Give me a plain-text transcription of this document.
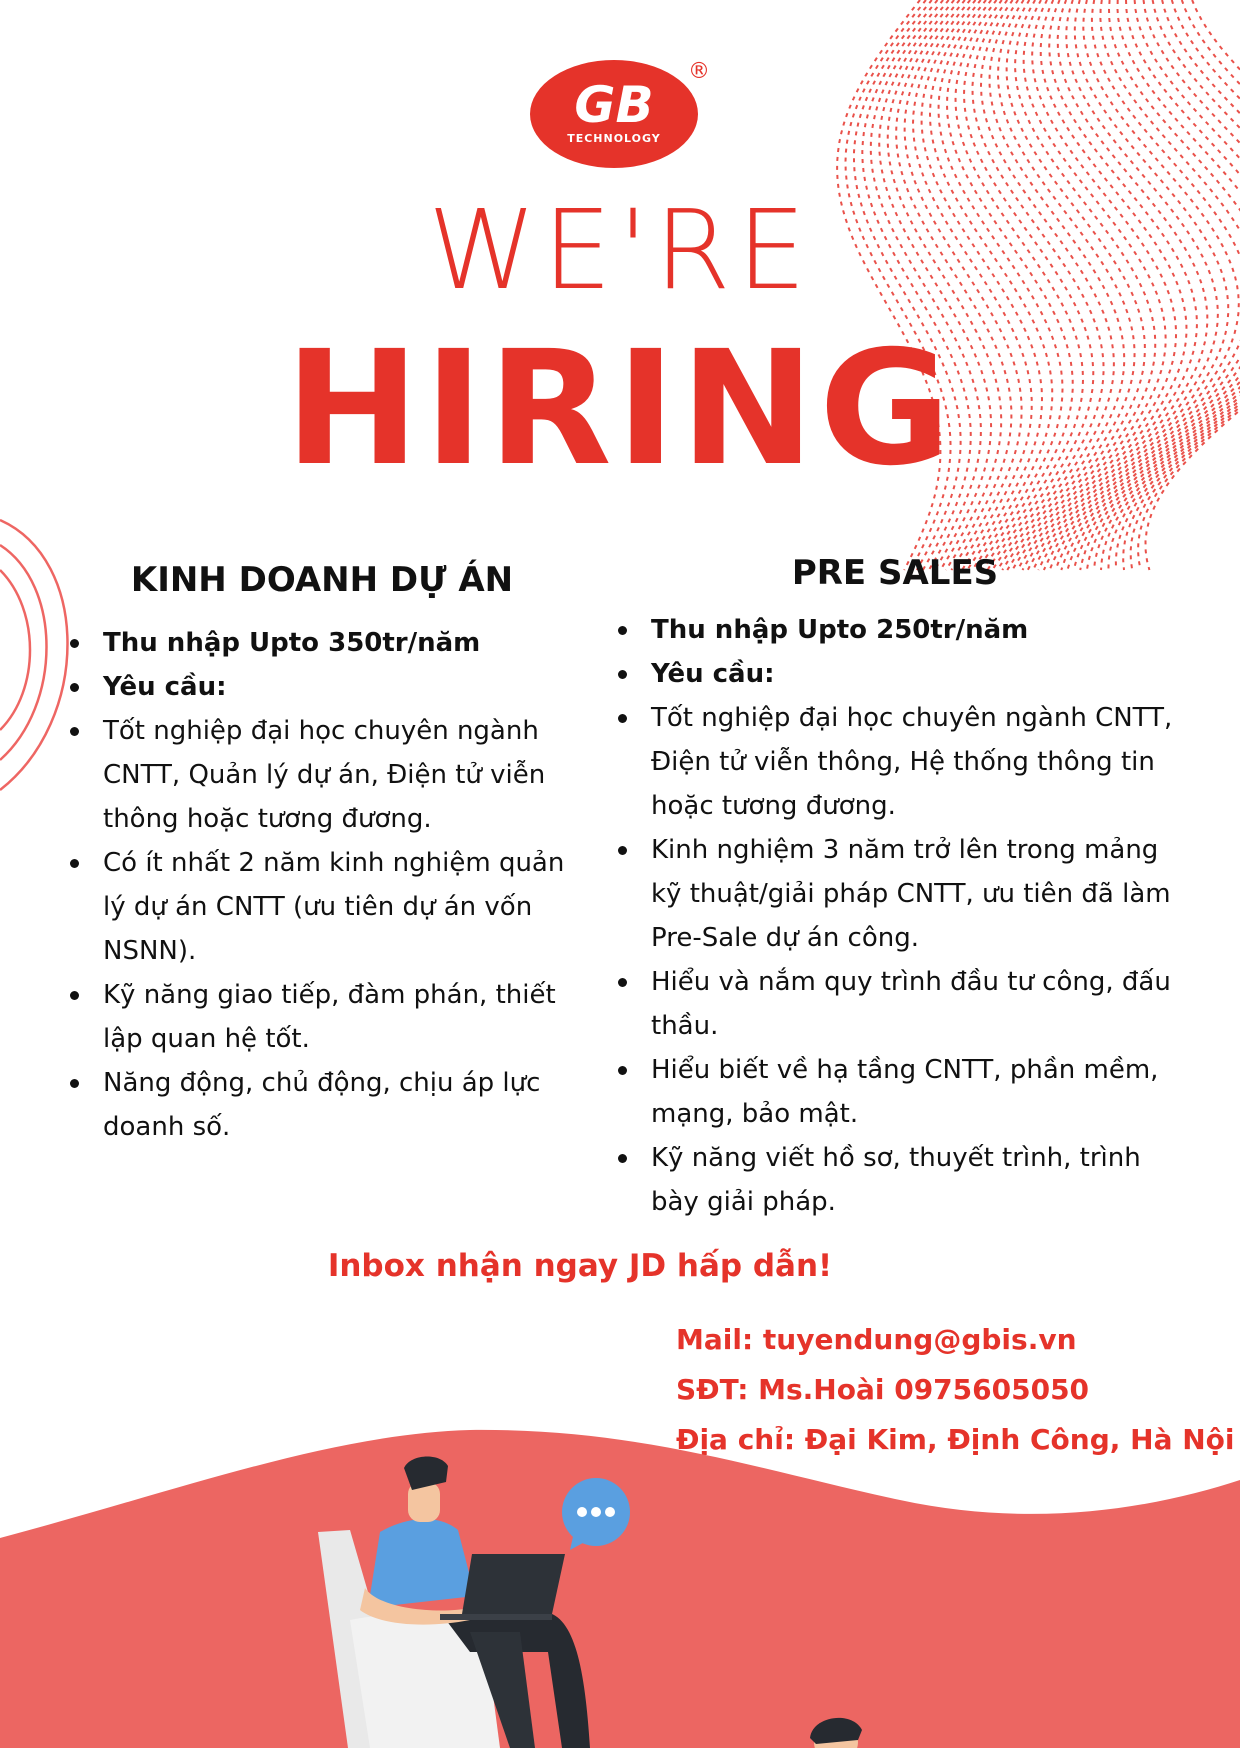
GB
TECHNOLOGY
®
WE'RE
HIRING
KINH DOANH DỰ ÁN
Thu nhập Upto 350tr/năm
Yêu cầu:
Tốt nghiệp đại học chuyên ngành CNTT, Quản lý dự án, Điện tử viễn thông hoặc tương đương.
Có ít nhất 2 năm kinh nghiệm quản lý dự án CNTT (ưu tiên dự án vốn NSNN).
Kỹ năng giao tiếp, đàm phán, thiết lập quan hệ tốt.
Năng động, chủ động, chịu áp lực doanh số.
PRE SALES
Thu nhập Upto 250tr/năm
Yêu cầu:
Tốt nghiệp đại học chuyên ngành CNTT, Điện tử viễn thông, Hệ thống thông tin hoặc tương đương.
Kinh nghiệm 3 năm trở lên trong mảng kỹ thuật/giải pháp CNTT, ưu tiên đã làm Pre-Sale dự án công.
Hiểu và nắm quy trình đầu tư công, đấu thầu.
Hiểu biết về hạ tầng CNTT, phần mềm, mạng, bảo mật.
Kỹ năng viết hồ sơ, thuyết trình, trình bày giải pháp.
Inbox nhận ngay JD hấp dẫn!
Mail: tuyendung@gbis.vn
SĐT: Ms.Hoài 0975605050
Địa chỉ: Đại Kim, Định Công, Hà Nội
